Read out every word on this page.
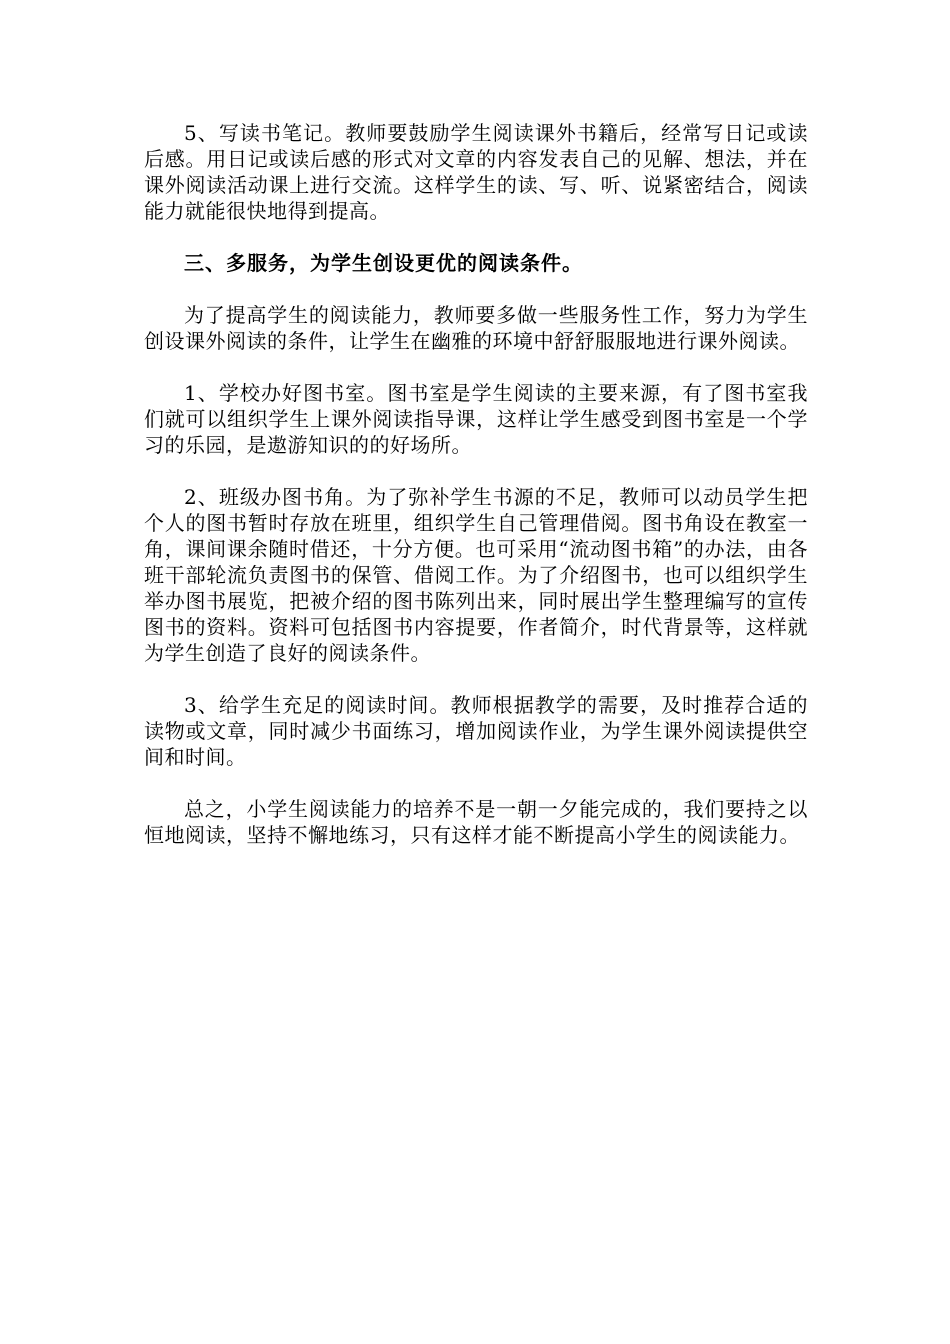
5、写读书笔记。教师要鼓励学生阅读课外书籍后，经常写日记或读后感。用日记或读后感的形式对文章的内容发表自己的见解、想法，并在课外阅读活动课上进行交流。这样学生的读、写、听、说紧密结合，阅读能力就能很快地得到提高。

三、多服务，为学生创设更优的阅读条件。

为了提高学生的阅读能力，教师要多做一些服务性工作，努力为学生创设课外阅读的条件，让学生在幽雅的环境中舒舒服服地进行课外阅读。

1、学校办好图书室。图书室是学生阅读的主要来源，有了图书室我们就可以组织学生上课外阅读指导课，这样让学生感受到图书室是一个学习的乐园，是遨游知识的的好场所。

2、班级办图书角。为了弥补学生书源的不足，教师可以动员学生把个人的图书暂时存放在班里，组织学生自己管理借阅。图书角设在教室一角，课间课余随时借还，十分方便。也可采用“流动图书箱”的办法，由各班干部轮流负责图书的保管、借阅工作。为了介绍图书，也可以组织学生举办图书展览，把被介绍的图书陈列出来，同时展出学生整理编写的宣传图书的资料。资料可包括图书内容提要，作者简介，时代背景等，这样就为学生创造了良好的阅读条件。

3、给学生充足的阅读时间。教师根据教学的需要，及时推荐合适的读物或文章，同时减少书面练习，增加阅读作业，为学生课外阅读提供空间和时间。

总之，小学生阅读能力的培养不是一朝一夕能完成的，我们要持之以恒地阅读，坚持不懈地练习，只有这样才能不断提高小学生的阅读能力。
